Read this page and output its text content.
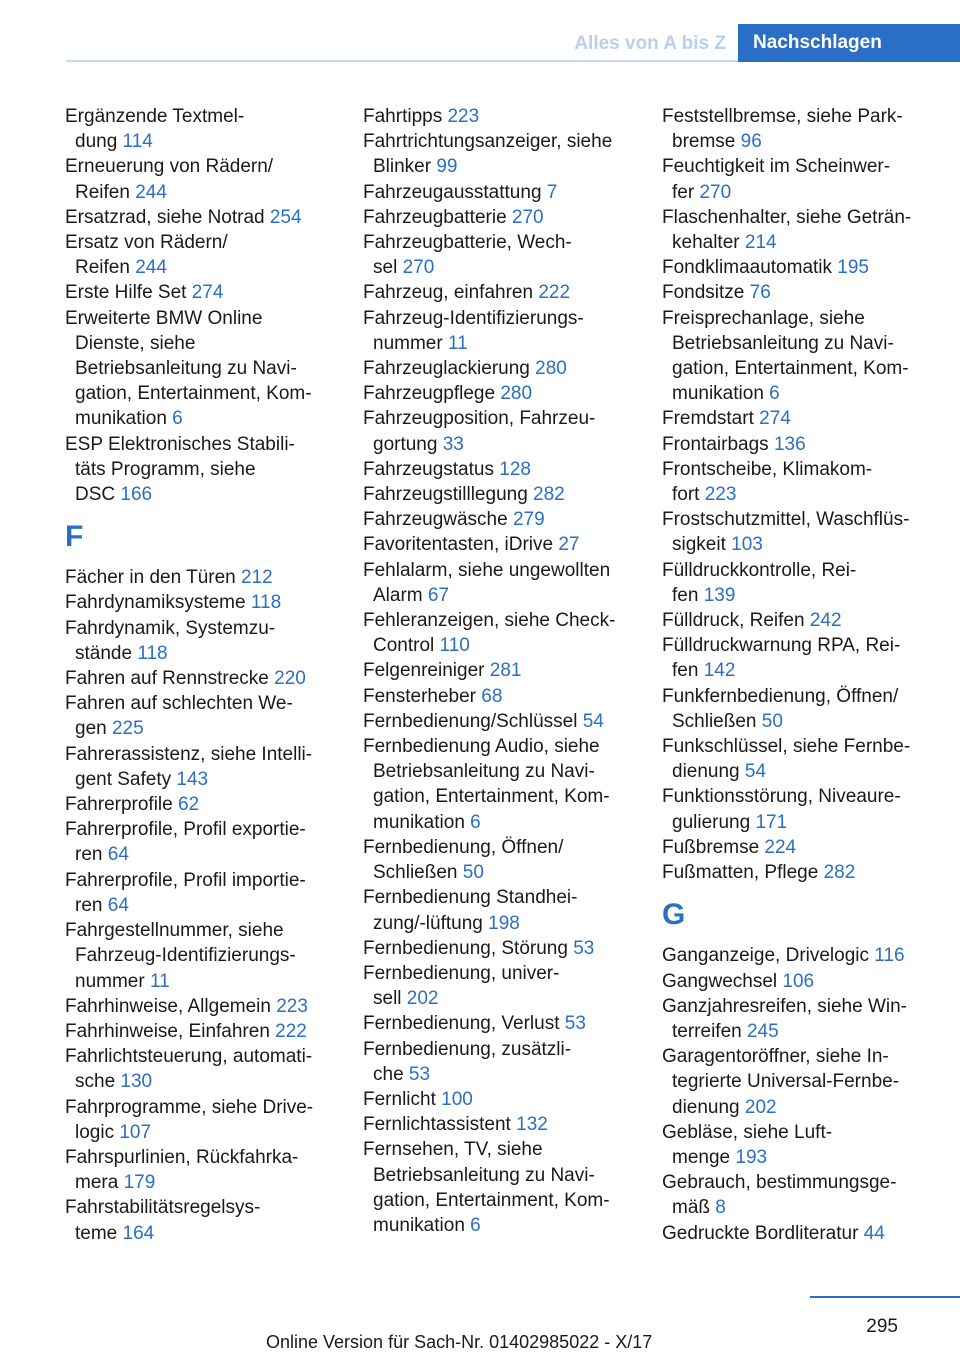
Alles von A bis Z	Nachschlagen
Ergänzende Textmel-
dung 114
Erneuerung von Rädern/
Reifen 244
Ersatzrad, siehe Notrad 254
Ersatz von Rädern/
Reifen 244
Erste Hilfe Set 274
Erweiterte BMW Online
Dienste, siehe
Betriebsanleitung zu Navi-
gation, Entertainment, Kom-
munikation 6
ESP Elektronisches Stabili-
täts Programm, siehe
DSC 166
F
Fächer in den Türen 212
Fahrdynamiksysteme 118
Fahrdynamik, Systemzu-
stände 118
Fahren auf Rennstrecke 220
Fahren auf schlechten We-
gen 225
Fahrerassistenz, siehe Intelli-
gent Safety 143
Fahrerprofile 62
Fahrerprofile, Profil exportie-
ren 64
Fahrerprofile, Profil importie-
ren 64
Fahrgestellnummer, siehe
Fahrzeug-Identifizierungs-
nummer 11
Fahrhinweise, Allgemein 223
Fahrhinweise, Einfahren 222
Fahrlichtsteuerung, automati-
sche 130
Fahrprogramme, siehe Drive-
logic 107
Fahrspurlinien, Rückfahrka-
mera 179
Fahrstabilitätsregelsys-
teme 164
Fahrtipps 223
Fahrtrichtungsanzeiger, siehe
Blinker 99
Fahrzeugausstattung 7
Fahrzeugbatterie 270
Fahrzeugbatterie, Wech-
sel 270
Fahrzeug, einfahren 222
Fahrzeug-Identifizierungs-
nummer 11
Fahrzeuglackierung 280
Fahrzeugpflege 280
Fahrzeugposition, Fahrzeu-
gortung 33
Fahrzeugstatus 128
Fahrzeugstilllegung 282
Fahrzeugwäsche 279
Favoritentasten, iDrive 27
Fehlalarm, siehe ungewollten
Alarm 67
Fehleranzeigen, siehe Check-
Control 110
Felgenreiniger 281
Fensterheber 68
Fernbedienung/Schlüssel 54
Fernbedienung Audio, siehe
Betriebsanleitung zu Navi-
gation, Entertainment, Kom-
munikation 6
Fernbedienung, Öffnen/
Schließen 50
Fernbedienung Standhei-
zung/-lüftung 198
Fernbedienung, Störung 53
Fernbedienung, univer-
sell 202
Fernbedienung, Verlust 53
Fernbedienung, zusätzli-
che 53
Fernlicht 100
Fernlichtassistent 132
Fernsehen, TV, siehe
Betriebsanleitung zu Navi-
gation, Entertainment, Kom-
munikation 6
Feststellbremse, siehe Park-
bremse 96
Feuchtigkeit im Scheinwer-
fer 270
Flaschenhalter, siehe Geträn-
kehalter 214
Fondklimaautomatik 195
Fondsitze 76
Freisprechanlage, siehe
Betriebsanleitung zu Navi-
gation, Entertainment, Kom-
munikation 6
Fremdstart 274
Frontairbags 136
Frontscheibe, Klimakom-
fort 223
Frostschutzmittel, Waschflüs-
sigkeit 103
Fülldruckkontrolle, Rei-
fen 139
Fülldruck, Reifen 242
Fülldruckwarnung RPA, Rei-
fen 142
Funkfernbedienung, Öffnen/
Schließen 50
Funkschlüssel, siehe Fernbe-
dienung 54
Funktionsstörung, Niveaure-
gulierung 171
Fußbremse 224
Fußmatten, Pflege 282
G
Ganganzeige, Drivelogic 116
Gangwechsel 106
Ganzjahresreifen, siehe Win-
terreifen 245
Garagentoröffner, siehe In-
tegrierte Universal-Fernbe-
dienung 202
Gebläse, siehe Luft-
menge 193
Gebrauch, bestimmungsge-
mäß 8
Gedruckte Bordliteratur 44
295
Online Version für Sach-Nr. 01402985022 - X/17
